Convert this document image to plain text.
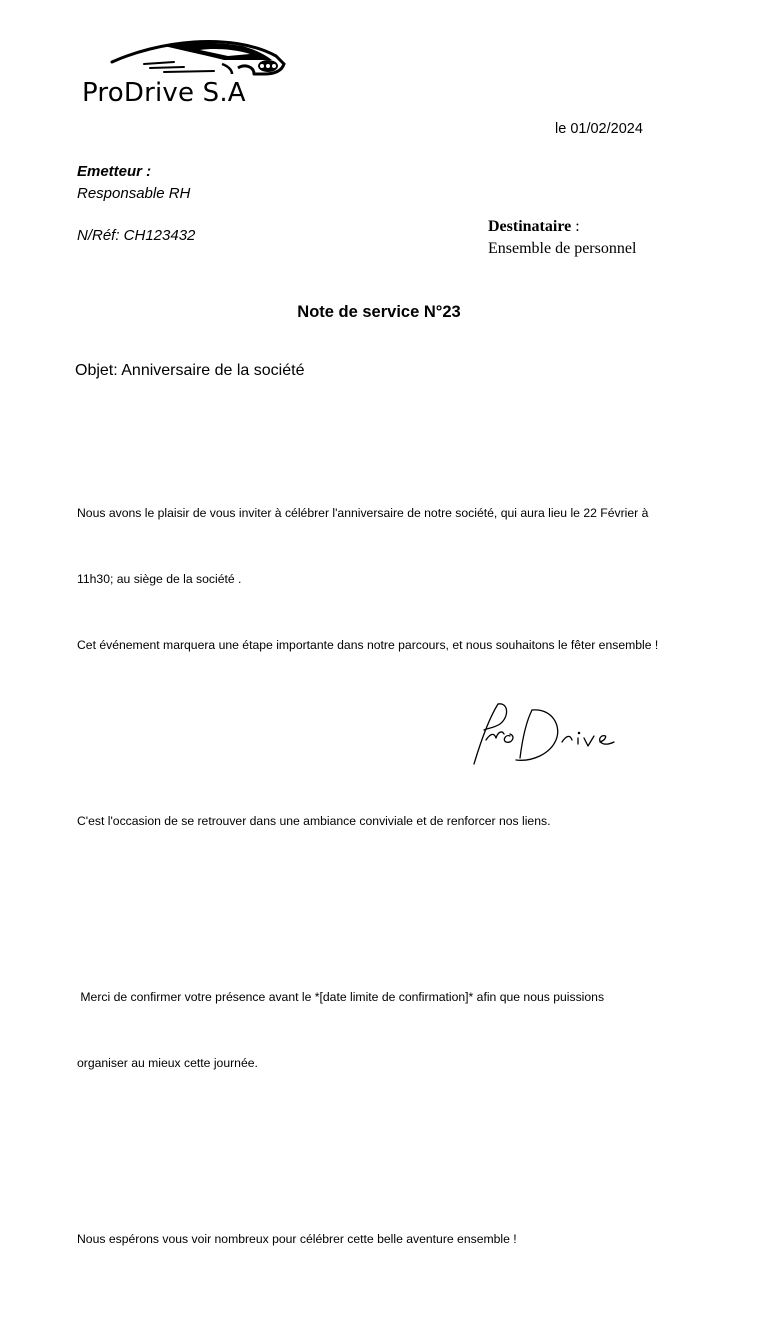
ProDrive S.A
le 01/02/2024
Emetteur :
Responsable RH
N/Réf: CH123432
Destinataire :
Ensemble de personnel
Note de service N°23
Objet: Anniversaire de la société

Nous avons le plaisir de vous inviter à célébrer l'anniversaire de notre société, qui aura lieu le 22 Février à

11h30; au siège de la société .

Cet événement marquera une étape importante dans notre parcours, et nous souhaitons le fêter ensemble !

C'est l'occasion de se retrouver dans une ambiance conviviale et de renforcer nos liens.

Merci de confirmer votre présence avant le *[date limite de confirmation]* afin que nous puissions

organiser au mieux cette journée.

Nous espérons vous voir nombreux pour célébrer cette belle aventure ensemble !
